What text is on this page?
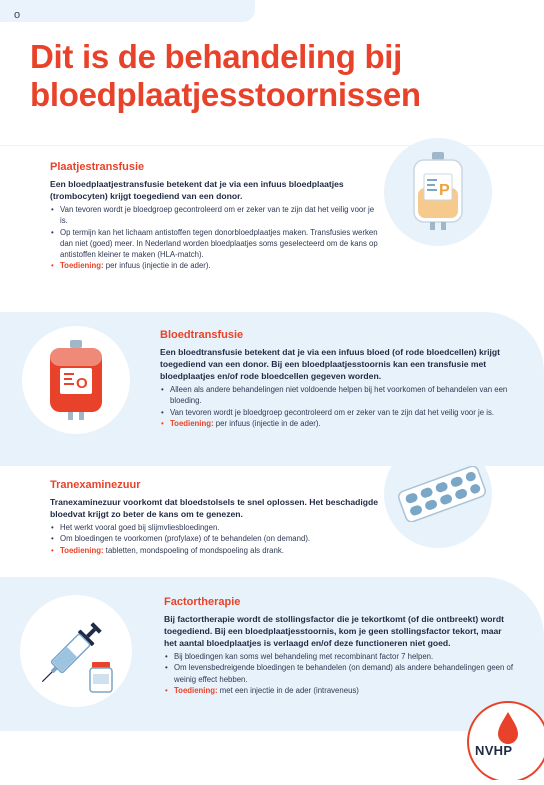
o
Dit is de behandeling bij bloedplaatjesstoornissen
P
Plaatjestransfusie

Een bloedplaatjestransfusie betekent dat je via een infuus bloedplaatjes (trombocyten) krijgt toegediend van een donor.

• Van tevoren wordt je bloedgroep gecontroleerd om er zeker van te zijn dat het veilig voor je is.
• Op termijn kan het lichaam antistoffen tegen donorbloedplaatjes maken. Transfusies werken dan niet (goed) meer. In Nederland worden bloedplaatjes soms geselecteerd om de kans op antistoffen kleiner te maken (HLA-match).
• Toediening: per infuus (injectie in de ader).
O
Bloedtransfusie

Een bloedtransfusie betekent dat je via een infuus bloed (of rode bloedcellen) krijgt toegediend van een donor. Bij een bloedplaatjesstoornis kan een transfusie met bloedplaatjes en/of rode bloedcellen gegeven worden.

• Alleen als andere behandelingen niet voldoende helpen bij het voorkomen of behandelen van een bloeding.
• Van tevoren wordt je bloedgroep gecontroleerd om er zeker van te zijn dat het veilig voor je is.
• Toediening: per infuus (injectie in de ader).
Tranexaminezuur

Tranexaminezuur voorkomt dat bloedstolsels te snel oplossen. Het beschadigde bloedvat krijgt zo beter de kans om te genezen.

• Het werkt vooral goed bij slijmvliesbloedingen.
• Om bloedingen te voorkomen (profylaxe) of te behandelen (on demand).
• Toediening: tabletten, mondspoeling of mondspoeling als drank.
Factortherapie

Bij factortherapie wordt de stollingsfactor die je tekortkomt (of die ontbreekt) wordt toegediend. Bij een bloedplaatjesstoornis, kom je geen stollingsfactor tekort, maar het aantal bloedplaatjes is verlaagd en/of deze functioneren niet goed.

• Bij bloedingen kan soms wel behandeling met recombinant factor 7 helpen.
• Om levensbedreigende bloedingen te behandelen (on demand) als andere behandelingen geen of weinig effect hebben.
• Toediening: met een injectie in de ader (intraveneus)
NVHP
